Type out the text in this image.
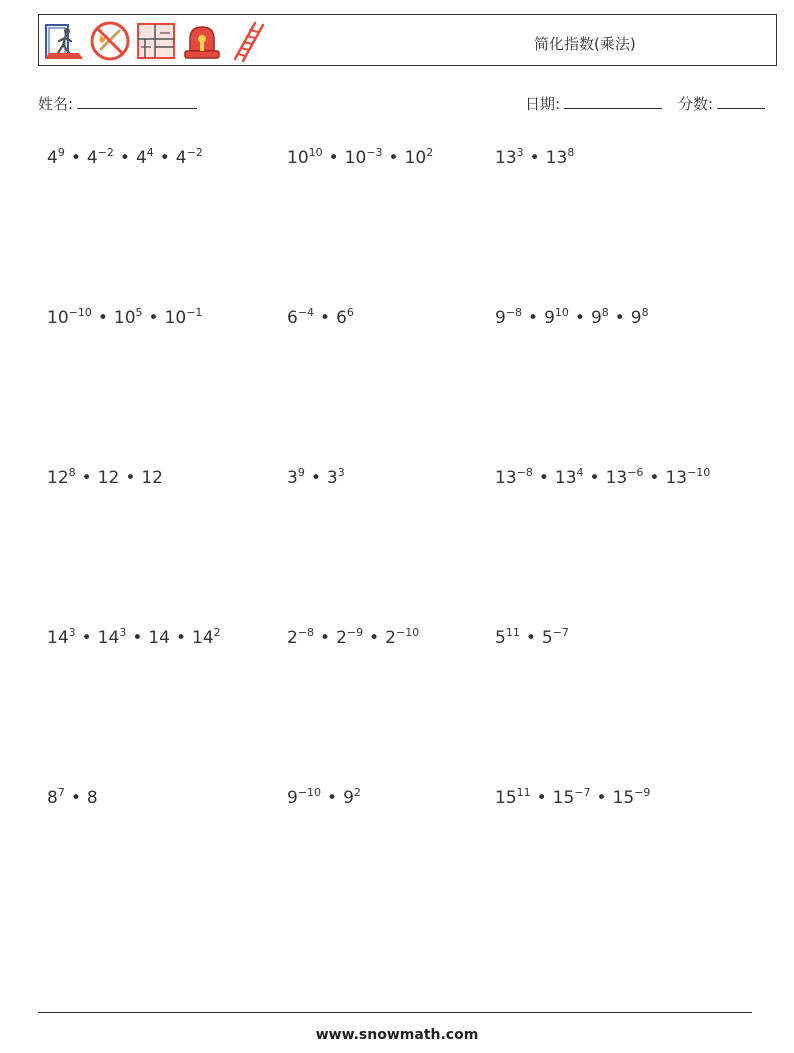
简化指数(乘法)
姓名:	日期:	分数:
$4^9$ • $4^{-2}$ • $4^4$ • $4^{-2}$	$10^{10}$ • $10^{-3}$ • $10^2$	$13^3$ • $13^8$
$10^{-10}$ • $10^5$ • $10^{-1}$	$6^{-4}$ • $6^6$	$9^{-8}$ • $9^{10}$ • $9^8$ • $9^8$
$12^8$ • 12 • 12	$3^9$ • $3^3$	$13^{-8}$ • $13^4$ • $13^{-6}$ • $13^{-10}$
$14^3$ • $14^3$ • 14 • $14^2$	$2^{-8}$ • $2^{-9}$ • $2^{-10}$	$5^{11}$ • $5^{-7}$
$8^7$ • 8	$9^{-10}$ • $9^2$	$15^{11}$ • $15^{-7}$ • $15^{-9}$
www.snowmath.com
